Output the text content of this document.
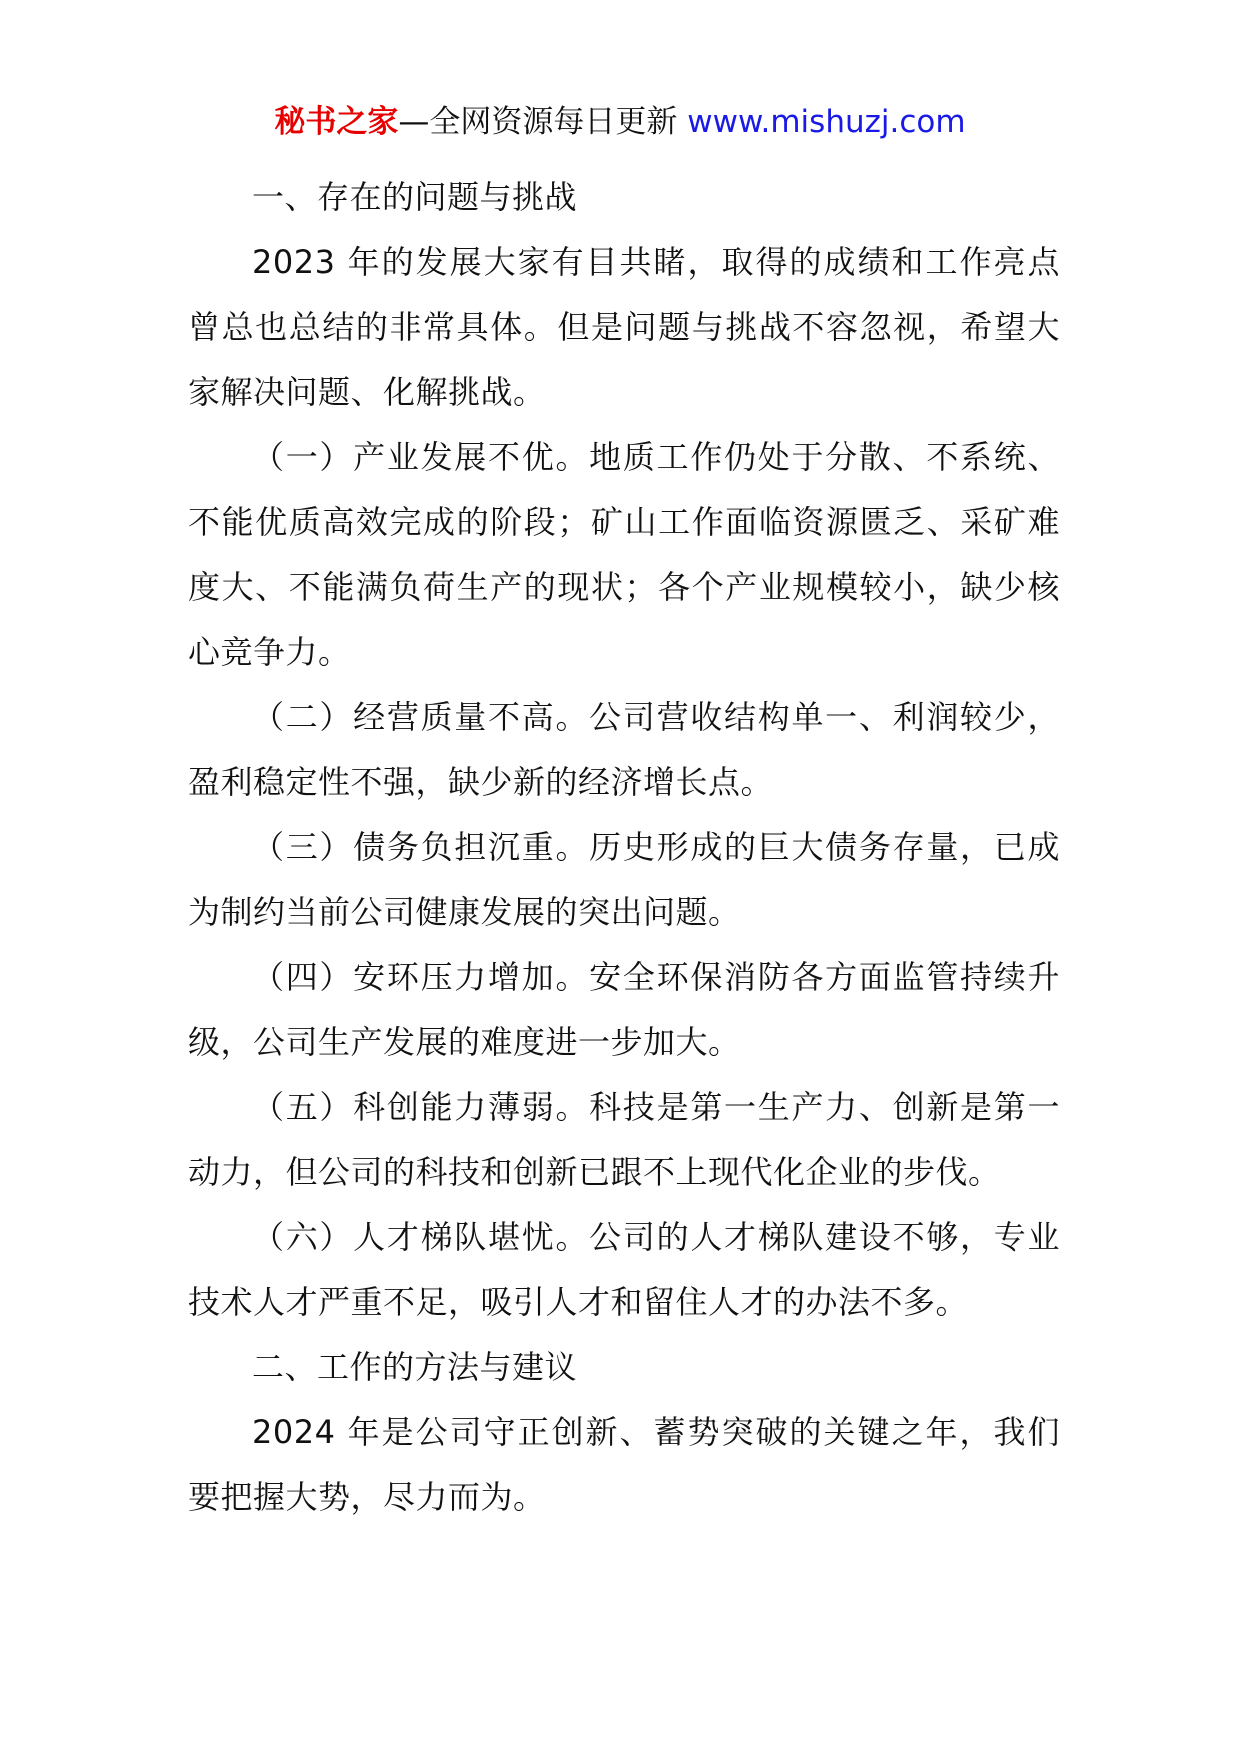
秘书之家—全网资源每日更新 www.mishuzj.com

一、存在的问题与挑战

2023 年的发展大家有目共睹，取得的成绩和工作亮点曾总也总结的非常具体。但是问题与挑战不容忽视，希望大家解决问题、化解挑战。

（一）产业发展不优。地质工作仍处于分散、不系统、不能优质高效完成的阶段；矿山工作面临资源匮乏、采矿难度大、不能满负荷生产的现状；各个产业规模较小，缺少核心竞争力。

（二）经营质量不高。公司营收结构单一、利润较少，盈利稳定性不强，缺少新的经济增长点。

（三）债务负担沉重。历史形成的巨大债务存量，已成为制约当前公司健康发展的突出问题。

（四）安环压力增加。安全环保消防各方面监管持续升级，公司生产发展的难度进一步加大。

（五）科创能力薄弱。科技是第一生产力、创新是第一动力，但公司的科技和创新已跟不上现代化企业的步伐。

（六）人才梯队堪忧。公司的人才梯队建设不够，专业技术人才严重不足，吸引人才和留住人才的办法不多。

二、工作的方法与建议

2024 年是公司守正创新、蓄势突破的关键之年，我们要把握大势，尽力而为。
